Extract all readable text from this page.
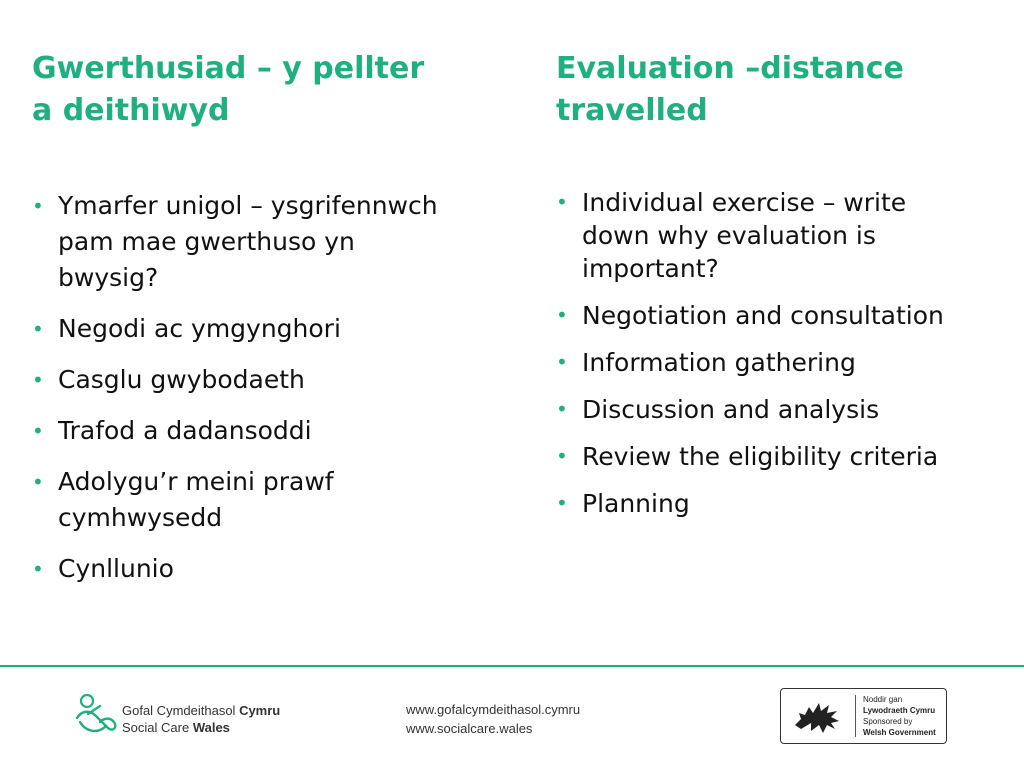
Gwerthusiad – y pellter
a deithiwyd
• Ymarfer unigol – ysgrifennwch pam mae gwerthuso yn bwysig?
• Negodi ac ymgynghori
• Casglu gwybodaeth
• Trafod a dadansoddi
• Adolygu’r meini prawf cymhwysedd
• Cynllunio
Evaluation –distance
travelled
• Individual exercise – write down why evaluation is important?
• Negotiation and consultation
• Information gathering
• Discussion and analysis
• Review the eligibility criteria
• Planning
Gofal Cymdeithasol Cymru
Social Care Wales
www.gofalcymdeithasol.cymru
www.socialcare.wales
Noddir gan
Lywodraeth Cymru
Sponsored by
Welsh Government
